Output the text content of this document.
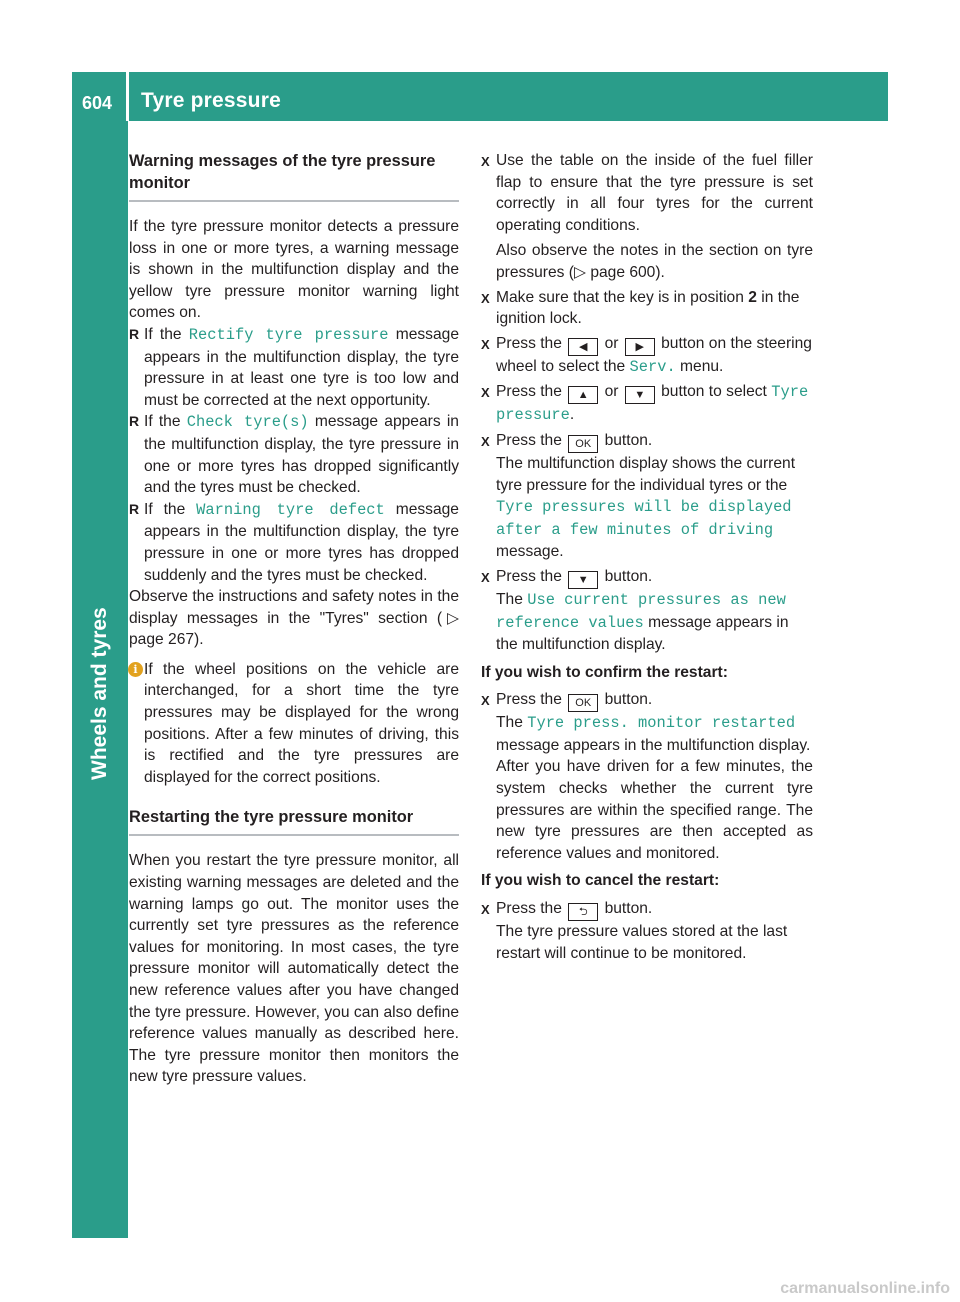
604 Tyre pressure
Wheels and tyres
Warning messages of the tyre pressure monitor

If the tyre pressure monitor detects a pressure loss in one or more tyres, a warning message is shown in the multifunction display and the yellow tyre pressure monitor warning light comes on.

R If the Rectify tyre pressure message appears in the multifunction display, the tyre pressure in at least one tyre is too low and must be corrected at the next opportunity.
R If the Check tyre(s) message appears in the multifunction display, the tyre pressure in one or more tyres has dropped significantly and the tyres must be checked.
R If the Warning tyre defect message appears in the multifunction display, the tyre pressure in one or more tyres has dropped suddenly and the tyres must be checked.

Observe the instructions and safety notes in the display messages in the "Tyres" section (▷ page 267).

i If the wheel positions on the vehicle are interchanged, for a short time the tyre pressures may be displayed for the wrong positions. After a few minutes of driving, this is rectified and the tyre pressures are displayed for the correct positions.

Restarting the tyre pressure monitor

When you restart the tyre pressure monitor, all existing warning messages are deleted and the warning lamps go out. The monitor uses the currently set tyre pressures as the reference values for monitoring. In most cases, the tyre pressure monitor will automatically detect the new reference values after you have changed the tyre pressure. However, you can also define reference values manually as described here. The tyre pressure monitor then monitors the new tyre pressure values.

X Use the table on the inside of the fuel filler flap to ensure that the tyre pressure is set correctly in all four tyres for the current operating conditions.

Also observe the notes in the section on tyre pressures (▷ page 600).

X Make sure that the key is in position 2 in the ignition lock.
X Press the ◀ or ▶ button on the steering wheel to select the Serv. menu.
X Press the ▲ or ▼ button to select Tyre pressure.
X Press the OK button.
The multifunction display shows the current tyre pressure for the individual tyres or the Tyre pressures will be displayed after a few minutes of driving message.
X Press the ▼ button.
The Use current pressures as new reference values message appears in the multifunction display.
If you wish to confirm the restart:
X Press the OK button.
The Tyre press. monitor restarted message appears in the multifunction display.

After you have driven for a few minutes, the system checks whether the current tyre pressures are within the specified range. The new tyre pressures are then accepted as reference values and monitored.

If you wish to cancel the restart:
X Press the ⮌ button.
The tyre pressure values stored at the last restart will continue to be monitored.
carmanualsonline.info
